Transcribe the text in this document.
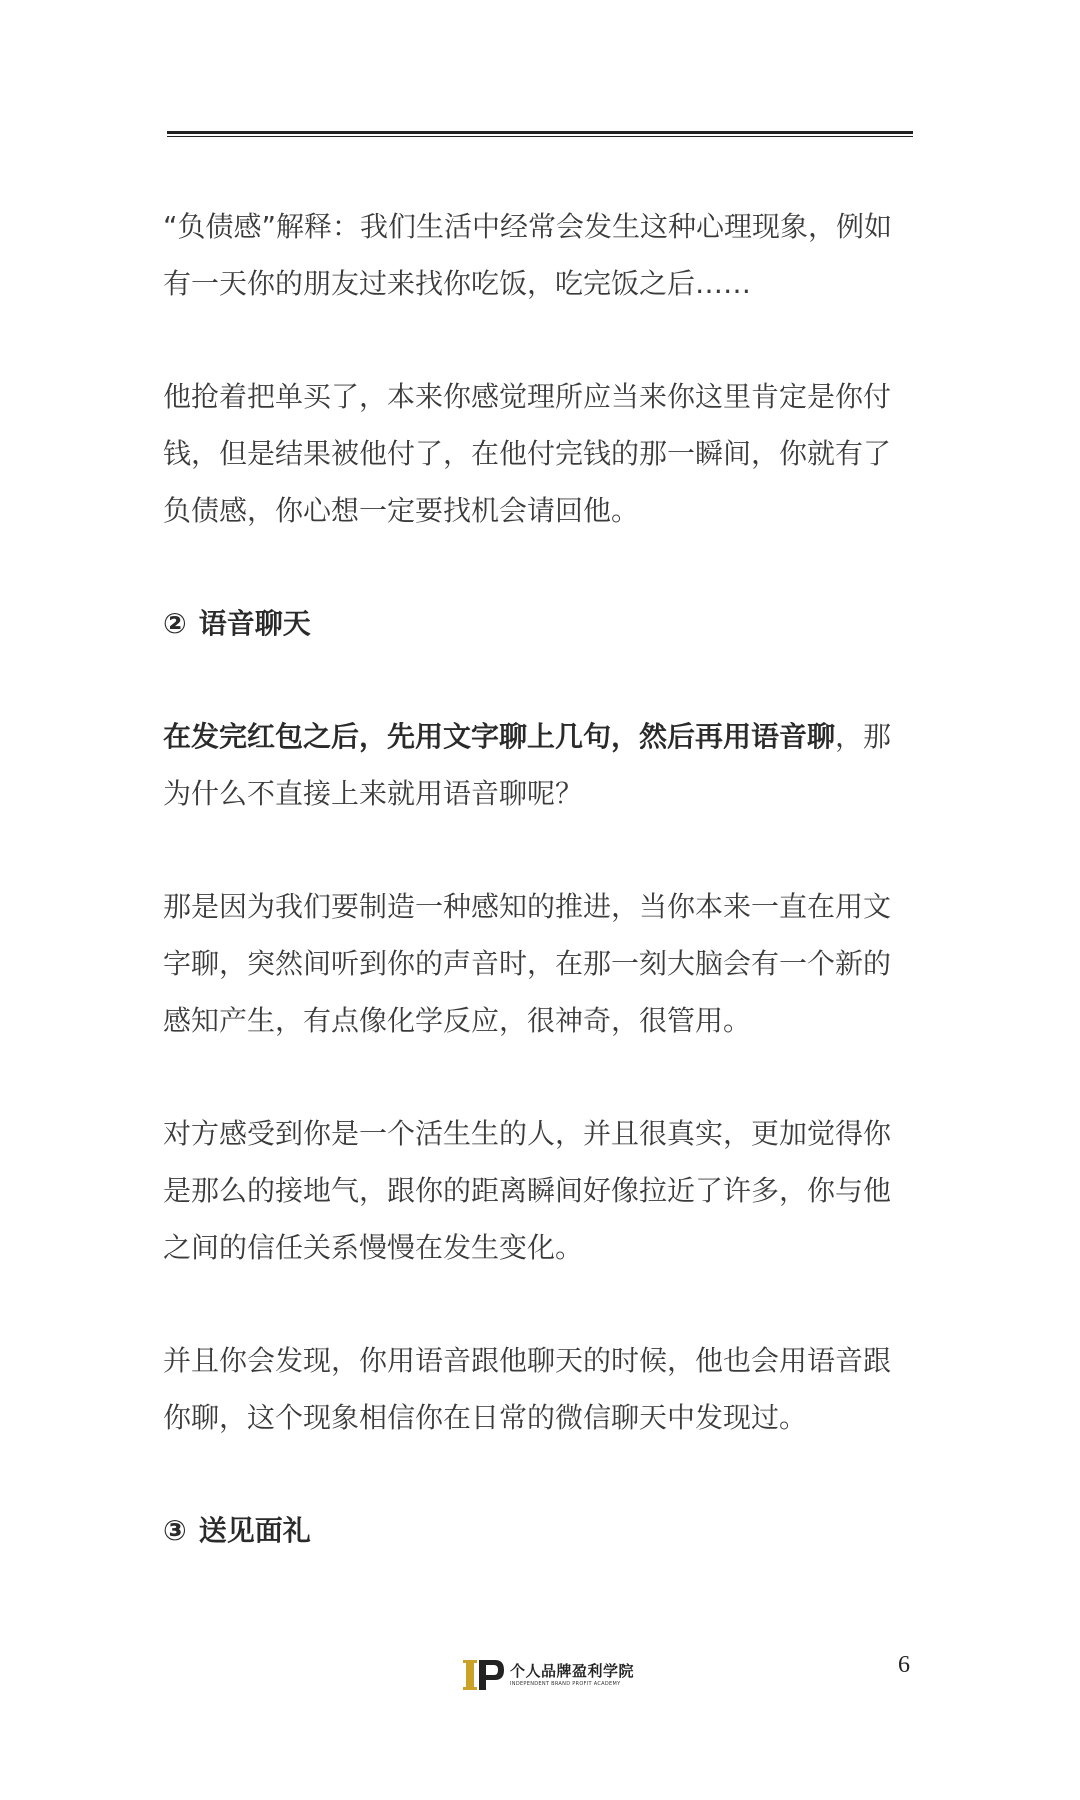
“负债感”解释：我们生活中经常会发生这种心理现象，例如有一天你的朋友过来找你吃饭，吃完饭之后……

他抢着把单买了，本来你感觉理所应当来你这里肯定是你付钱，但是结果被他付了，在他付完钱的那一瞬间，你就有了负债感，你心想一定要找机会请回他。

② 语音聊天

在发完红包之后，先用文字聊上几句，然后再用语音聊，那为什么不直接上来就用语音聊呢？

那是因为我们要制造一种感知的推进，当你本来一直在用文字聊，突然间听到你的声音时，在那一刻大脑会有一个新的感知产生，有点像化学反应，很神奇，很管用。

对方感受到你是一个活生生的人，并且很真实，更加觉得你是那么的接地气，跟你的距离瞬间好像拉近了许多，你与他之间的信任关系慢慢在发生变化。

并且你会发现，你用语音跟他聊天的时候，他也会用语音跟你聊，这个现象相信你在日常的微信聊天中发现过。

③ 送见面礼
个人品牌盈利学院
INDEPENDENT BRAND PROFIT ACADEMY
6
